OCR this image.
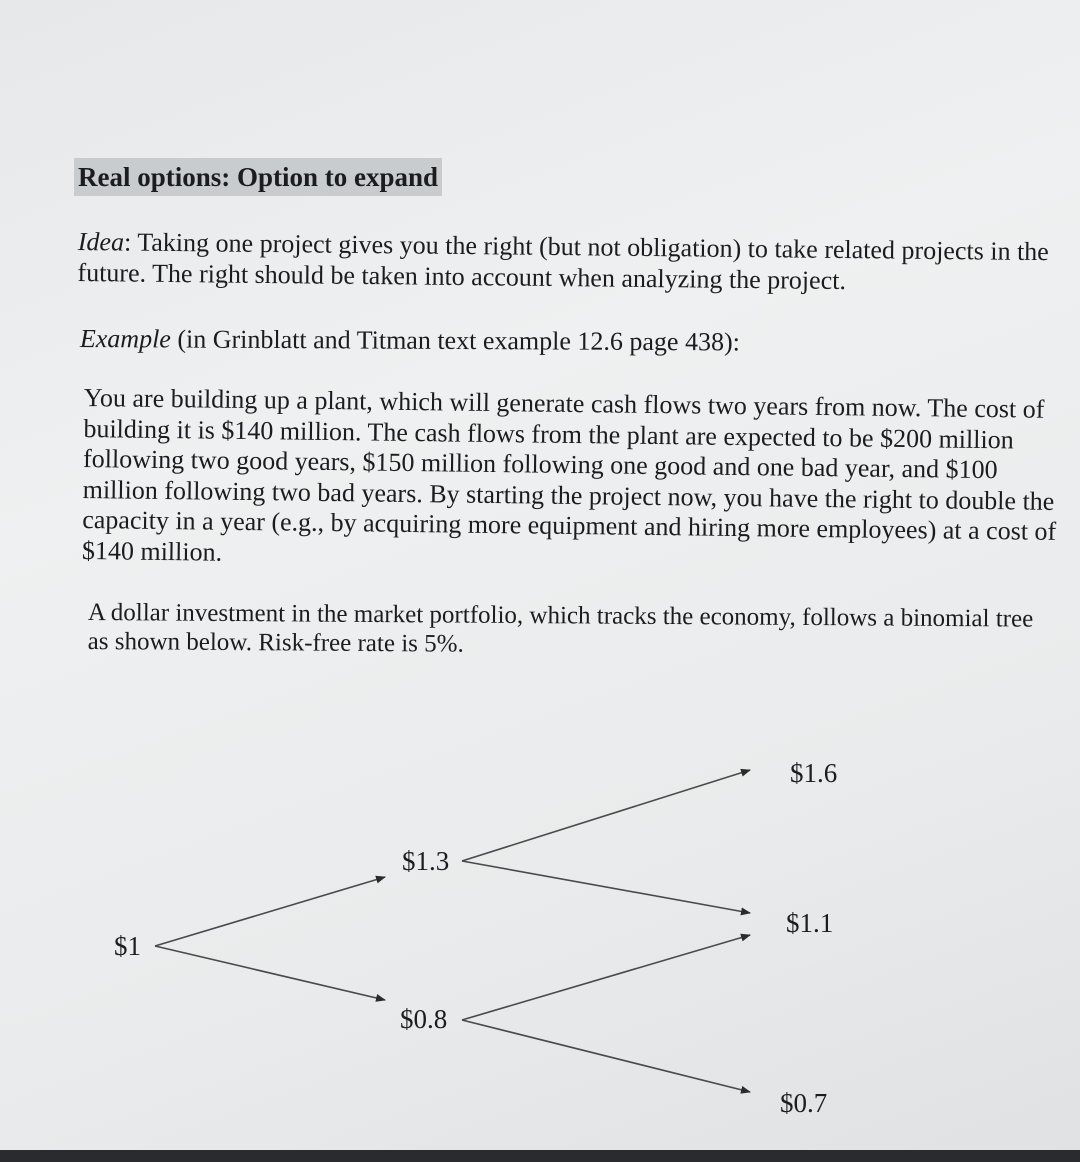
Real options: Option to expand

Idea: Taking one project gives you the right (but not obligation) to take related projects in the future. The right should be taken into account when analyzing the project.

Example (in Grinblatt and Titman text example 12.6 page 438):

You are building up a plant, which will generate cash flows two years from now. The cost of building it is $140 million. The cash flows from the plant are expected to be $200 million following two good years, $150 million following one good and one bad year, and $100 million following two bad years. By starting the project now, you have the right to double the capacity in a year (e.g., by acquiring more equipment and hiring more employees) at a cost of $140 million.

A dollar investment in the market portfolio, which tracks the economy, follows a binomial tree as shown below. Risk-free rate is 5%.

$1
$1.3
$0.8
$1.6
$1.1
$0.7
